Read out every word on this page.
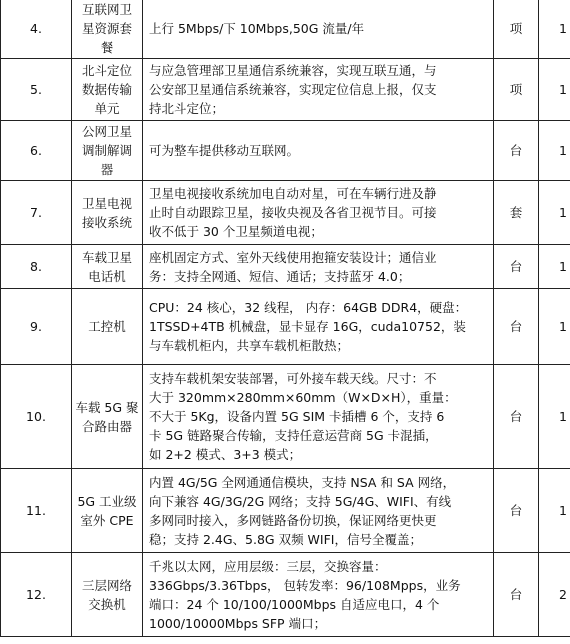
4.	互联网卫
星资源套
餐	上行 5Mbps/下 10Mbps,50G 流量/年	项	1
5.	北斗定位
数据传输
单元	与应急管理部卫星通信系统兼容，实现互联互通，与
公安部卫星通信系统兼容，实现定位信息上报，仅支
持北斗定位；	项	1
6.	公网卫星
调制解调
器	可为整车提供移动互联网。	台	1
7.	卫星电视
接收系统	卫星电视接收系统加电自动对星，可在车辆行进及静
止时自动跟踪卫星，接收央视及各省卫视节目。可接
收不低于 30 个卫星频道电视；	套	1
8.	车载卫星
电话机	座机固定方式、室外天线使用抱箍安装设计；通信业
务：支持全网通、短信、通话；支持蓝牙 4.0；	台	1
9.	工控机	CPU：24 核心，32 线程， 内存：64GB DDR4，硬盘：
1TSSD+4TB 机械盘，显卡显存 16G，cuda10752，装
与车载机柜内，共享车载机柜散热；	台	1
10.	车载 5G 聚
合路由器	支持车载机架安装部署，可外接车载天线。尺寸：不
大于 320mm×280mm×60mm（W×D×H），重量：
不大于 5Kg，设备内置 5G SIM 卡插槽 6 个，支持 6
卡 5G 链路聚合传输，支持任意运营商 5G 卡混插，
如 2+2 模式、3+3 模式；	台	1
11.	5G 工业级
室外 CPE	内置 4G/5G 全网通通信模块，支持 NSA 和 SA 网络，
向下兼容 4G/3G/2G 网络；支持 5G/4G、WIFI、有线
多网同时接入，多网链路备份切换，保证网络更快更
稳；支持 2.4G、5.8G 双频 WIFI，信号全覆盖；	台	1
12.	三层网络
交换机	千兆以太网，应用层级：三层，交换容量：
336Gbps/3.36Tbps， 包转发率：96/108Mpps，业务
端口：24 个 10/100/1000Mbps 自适应电口，4 个
1000/10000Mbps SFP 端口；	台	2
